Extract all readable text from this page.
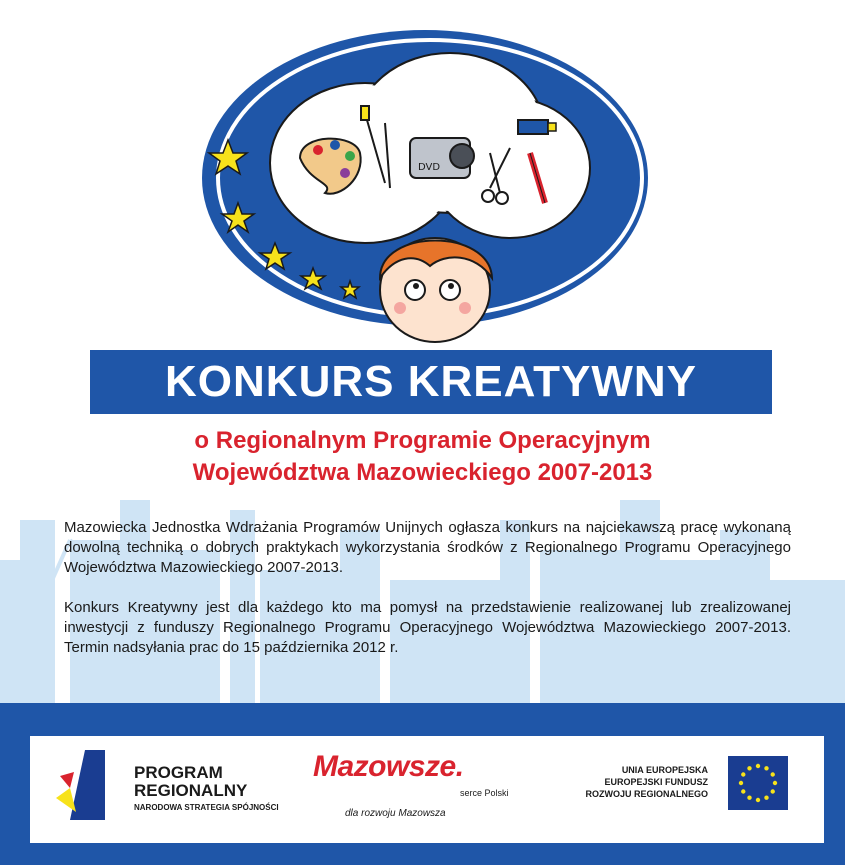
DVD
KONKURS KREATYWNY
o Regionalnym Programie Operacyjnym
Województwa Mazowieckiego 2007-2013

Mazowiecka Jednostka Wdrażania Programów Unijnych ogłasza konkurs na najciekawszą pracę wykonaną dowolną techniką o dobrych praktykach wykorzystania środków z Regionalnego Programu Operacyjnego Województwa Mazowieckiego 2007-2013.

Konkurs Kreatywny jest dla każdego kto ma pomysł na przedstawienie realizowanej lub zrealizowanej inwestycji z funduszy Regionalnego Programu Operacyjnego Województwa Mazowieckiego 2007-2013. Termin nadsyłania prac do 15 października 2012 r.

PROGRAM
REGIONALNY
NARODOWA STRATEGIA SPÓJNOŚCI
Mazowsze.
serce Polski
dla rozwoju Mazowsza
UNIA EUROPEJSKA
EUROPEJSKI FUNDUSZ
ROZWOJU REGIONALNEGO
